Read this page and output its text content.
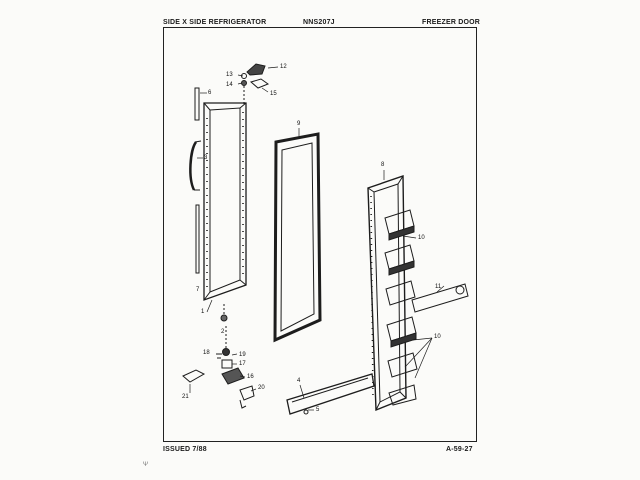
SIDE X SIDE REFRIGERATOR	NNS207J	FREEZER DOOR
ISSUED 7/88	A-59-27
12
13
14
15
6
9
8
3
10
7	11
1
2
10
18	19
17
16
4
20
5
21
Ψ
